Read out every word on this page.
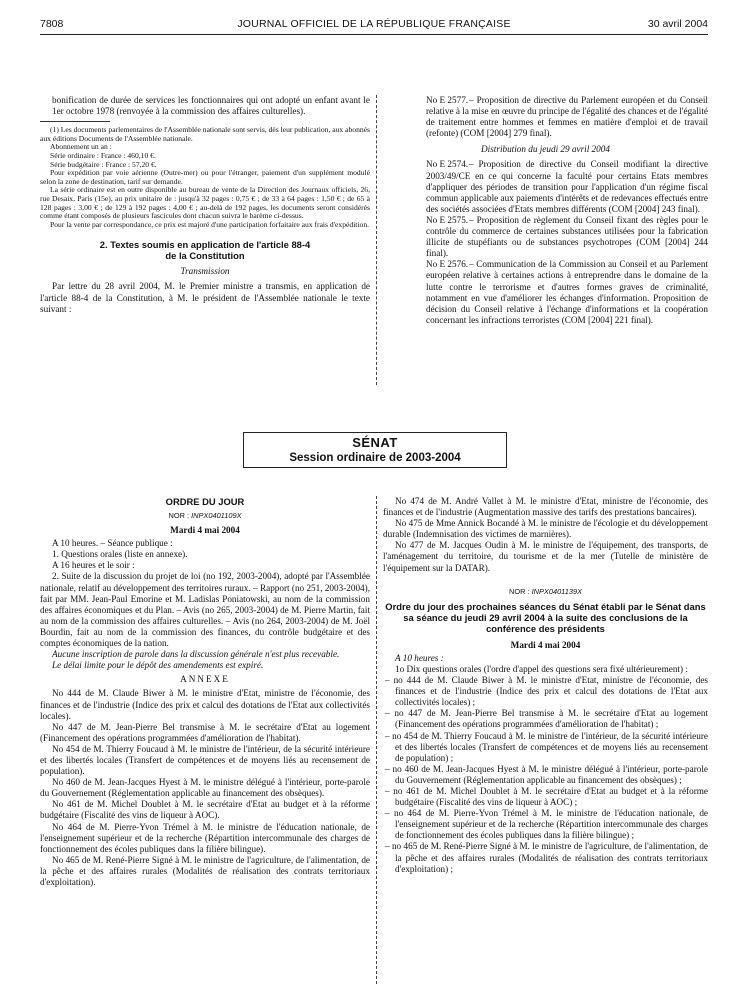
7808	JOURNAL OFFICIEL DE LA RÉPUBLIQUE FRANÇAISE	30 avril 2004

bonification de durée de services les fonctionnaires qui ont adopté un enfant avant le 1er octobre 1978 (renvoyée à la commission des affaires culturelles).

(1) Les documents parlementaires de l'Assemblée nationale sont servis, dès leur publication, aux abonnés aux éditions Documents de l'Assemblée nationale.

Abonnement un an :

Série ordinaire : France : 460,10 €.

Série budgétaire : France : 57,20 €.

Pour expédition par voie aérienne (Outre-mer) ou pour l'étranger, paiement d'un supplément modulé selon la zone de destination, tarif sur demande.

La série ordinaire est en outre disponible au bureau de vente de la Direction des Journaux officiels, 26, rue Desaix, Paris (15e), au prix unitaire de : jusqu'à 32 pages : 0,75 € ; de 33 à 64 pages : 1,50 € ; de 65 à 128 pages : 3,00 € ; de 129 à 192 pages : 4,00 € ; au-delà de 192 pages, les documents seront considérés comme étant composés de plusieurs fascicules dont chacun suivra le barème ci-dessus.

Pour la vente par correspondance, ce prix est majoré d'une participation forfaitaire aux frais d'expédition.

2. Textes soumis en application de l'article 88-4
de la Constitution
Transmission

Par lettre du 28 avril 2004, M. le Premier ministre a transmis, en application de l'article 88-4 de la Constitution, à M. le président de l'Assemblée nationale le texte suivant :

No E 2577.– Proposition de directive du Parlement européen et du Conseil relative à la mise en œuvre du principe de l'égalité des chances et de l'égalité de traitement entre hommes et femmes en matière d'emploi et de travail (refonte) (COM [2004] 279 final).

Distribution du jeudi 29 avril 2004

No E 2574.– Proposition de directive du Conseil modifiant la directive 2003/49/CE en ce qui concerne la faculté pour certains Etats membres d'appliquer des périodes de transition pour l'application d'un régime fiscal commun applicable aux paiements d'intérêts et de redevances effectués entre des sociétés associées d'Etats membres différents (COM [2004] 243 final).

No E 2575.– Proposition de règlement du Conseil fixant des règles pour le contrôle du commerce de certaines substances utilisées pour la fabrication illicite de stupéfiants ou de substances psychotropes (COM [2004] 244 final).

No E 2576.– Communication de la Commission au Conseil et au Parlement européen relative à certaines actions à entreprendre dans le domaine de la lutte contre le terrorisme et d'autres formes graves de criminalité, notamment en vue d'améliorer les échanges d'information. Proposition de décision du Conseil relative à l'échange d'informations et la coopération concernant les infractions terroristes (COM [2004] 221 final).

SÉNAT
Session ordinaire de 2003-2004
ORDRE DU JOUR
NOR : INPX0401109X
Mardi 4 mai 2004

A 10 heures. – Séance publique :

1. Questions orales (liste en annexe).

A 16 heures et le soir :

2. Suite de la discussion du projet de loi (no 192, 2003-2004), adopté par l'Assemblée nationale, relatif au développement des territoires ruraux. – Rapport (no 251, 2003-2004), fait par MM. Jean-Paul Emorine et M. Ladislas Poniatowski, au nom de la commission des affaires économiques et du Plan. – Avis (no 265, 2003-2004) de M. Pierre Martin, fait au nom de la commission des affaires culturelles. – Avis (no 264, 2003-2004) de M. Joël Bourdin, fait au nom de la commission des finances, du contrôle budgétaire et des comptes économiques de la nation.

Aucune inscription de parole dans la discussion générale n'est plus recevable.

Le délai limite pour le dépôt des amendements est expiré.

ANNEXE

No 444 de M. Claude Biwer à M. le ministre d'Etat, ministre de l'économie, des finances et de l'industrie (Indice des prix et calcul des dotations de l'Etat aux collectivités locales).

No 447 de M. Jean-Pierre Bel transmise à M. le secrétaire d'Etat au logement (Financement des opérations programmées d'amélioration de l'habitat).

No 454 de M. Thierry Foucaud à M. le ministre de l'intérieur, de la sécurité intérieure et des libertés locales (Transfert de compétences et de moyens liés au recensement de population).

No 460 de M. Jean-Jacques Hyest à M. le ministre délégué à l'intérieur, porte-parole du Gouvernement (Réglementation applicable au financement des obsèques).

No 461 de M. Michel Doublet à M. le secrétaire d'Etat au budget et à la réforme budgétaire (Fiscalité des vins de liqueur à AOC).

No 464 de M. Pierre-Yvon Trémel à M. le ministre de l'éducation nationale, de l'enseignement supérieur et de la recherche (Répartition intercommunale des charges de fonctionnement des écoles publiques dans la filière bilingue).

No 465 de M. René-Pierre Signé à M. le ministre de l'agriculture, de l'alimentation, de la pêche et des affaires rurales (Modalités de réalisation des contrats territoriaux d'exploitation).

No 474 de M. André Vallet à M. le ministre d'Etat, ministre de l'économie, des finances et de l'industrie (Augmentation massive des tarifs des prestations bancaires).

No 475 de Mme Annick Bocandé à M. le ministre de l'écologie et du développement durable (Indemnisation des victimes de marnières).

No 477 de M. Jacques Oudin à M. le ministre de l'équipement, des transports, de l'aménagement du territoire, du tourisme et de la mer (Tutelle de ministère de l'équipement sur la DATAR).

NOR : INPX0401139X
Ordre du jour des prochaines séances du Sénat établi par le Sénat dans sa séance du jeudi 29 avril 2004 à la suite des conclusions de la conférence des présidents
Mardi 4 mai 2004

A 10 heures :

1o Dix questions orales (l'ordre d'appel des questions sera fixé ultérieurement) :

– no 444 de M. Claude Biwer à M. le ministre d'Etat, ministre de l'économie, des finances et de l'industrie (Indice des prix et calcul des dotations de l'Etat aux collectivités locales) ;
– no 447 de M. Jean-Pierre Bel transmise à M. le secrétaire d'Etat au logement (Financement des opérations programmées d'amélioration de l'habitat) ;
– no 454 de M. Thierry Foucaud à M. le ministre de l'intérieur, de la sécurité intérieure et des libertés locales (Transfert de compétences et de moyens liés au recensement de population) ;
– no 460 de M. Jean-Jacques Hyest à M. le ministre délégué à l'intérieur, porte-parole du Gouvernement (Réglementation applicable au financement des obsèques) ;
– no 461 de M. Michel Doublet à M. le secrétaire d'Etat au budget et à la réforme budgétaire (Fiscalité des vins de liqueur à AOC) ;
– no 464 de M. Pierre-Yvon Trémel à M. le ministre de l'éducation nationale, de l'enseignement supérieur et de la recherche (Répartition intercommunale des charges de fonctionnement des écoles publiques dans la filière bilingue) ;
– no 465 de M. René-Pierre Signé à M. le ministre de l'agriculture, de l'alimentation, de la pêche et des affaires rurales (Modalités de réalisation des contrats territoriaux d'exploitation) ;
